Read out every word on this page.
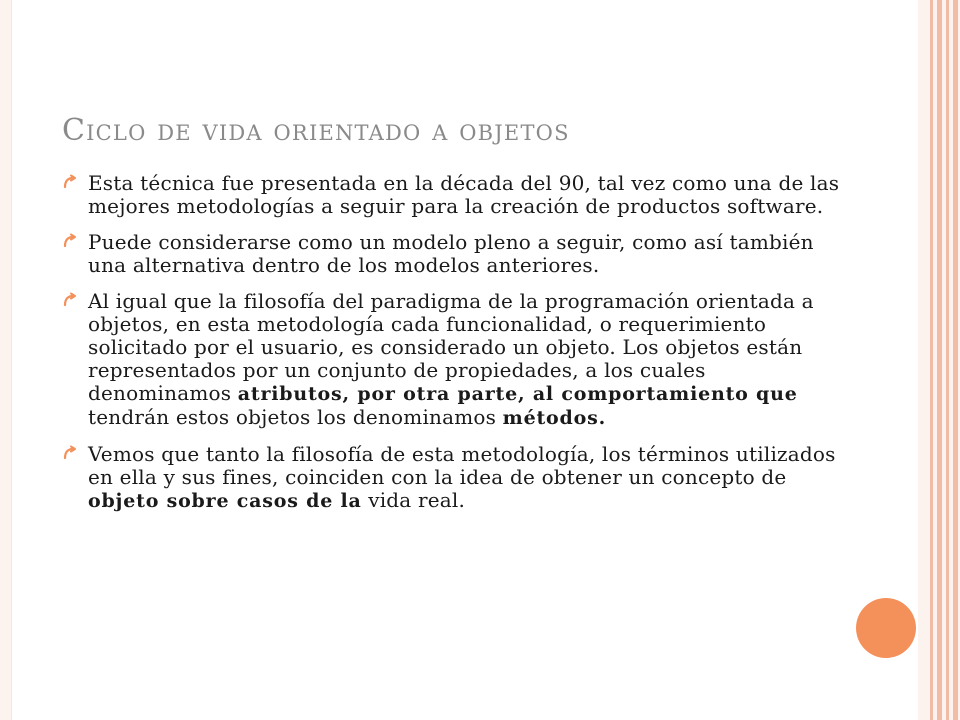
Ciclo de vida orientado a objetos
Esta técnica fue presentada en la década del 90, tal vez como una de las mejores metodologías a seguir para la creación de productos software.
Puede considerarse como un modelo pleno a seguir, como así también una alternativa dentro de los modelos anteriores.
Al igual que la filosofía del paradigma de la programación orientada a objetos, en esta metodología cada funcionalidad, o requerimiento solicitado por el usuario, es considerado un objeto. Los objetos están representados por un conjunto de propiedades, a los cuales denominamos atributos, por otra parte, al comportamiento que tendrán estos objetos los denominamos métodos.
Vemos que tanto la filosofía de esta metodología, los términos utilizados en ella y sus fines, coinciden con la idea de obtener un concepto de objeto sobre casos de la vida real.
